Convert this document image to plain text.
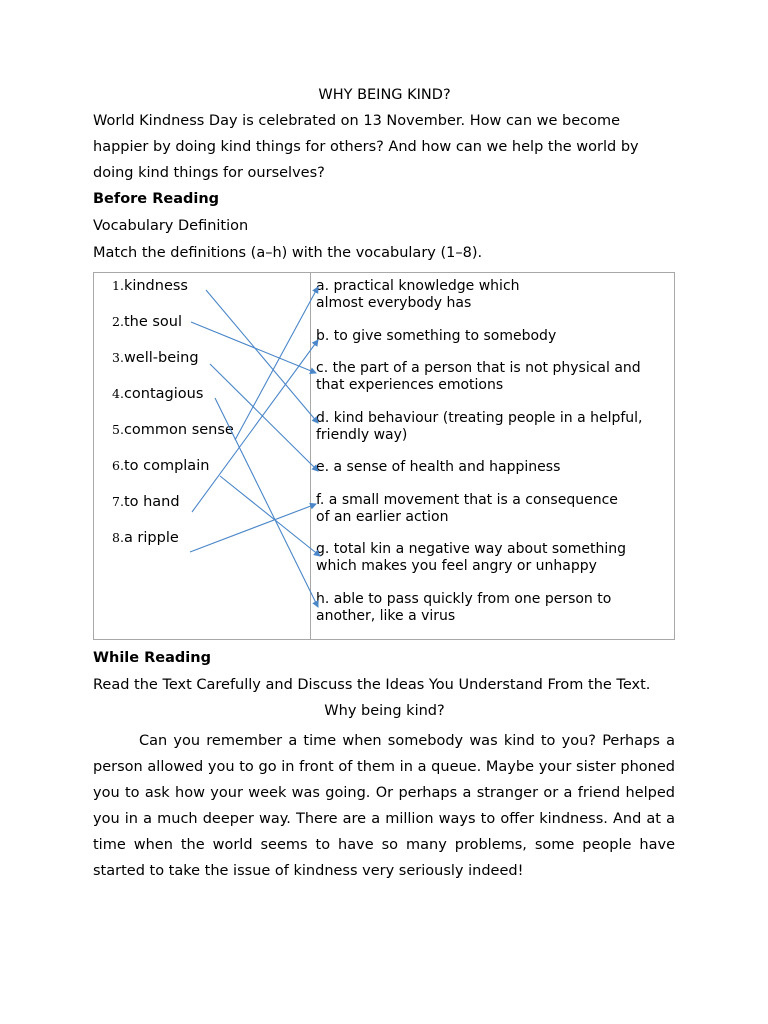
WHY BEING KIND?
World Kindness Day is celebrated on 13 November. How can we become
happier by doing kind things for others? And how can we help the world by
doing kind things for ourselves?
Before Reading
Vocabulary Definition
Match the definitions (a–h) with the vocabulary (1–8).
1.kindness
2.the soul
3.well-being
4.contagious
5.common sense
6.to complain
7.to hand
8.a ripple
a. practical knowledge which
almost everybody has
b. to give something to somebody
c. the part of a person that is not physical and
that experiences emotions
d. kind behaviour (treating people in a helpful,
friendly way)
e. a sense of health and happiness
f. a small movement that is a consequence
of an earlier action
g. total kin a negative way about something
which makes you feel angry or unhappy
h. able to pass quickly from one person to
another, like a virus
While Reading
Read the Text Carefully and Discuss the Ideas You Understand From the Text.
Why being kind?
Can you remember a time when somebody was kind to you? Perhaps a person allowed you to go in front of them in a queue. Maybe your sister phoned you to ask how your week was going. Or perhaps a stranger or a friend helped you in a much deeper way. There are a million ways to offer kindness. And at a time when the world seems to have so many problems, some people have started to take the issue of kindness very seriously indeed!
